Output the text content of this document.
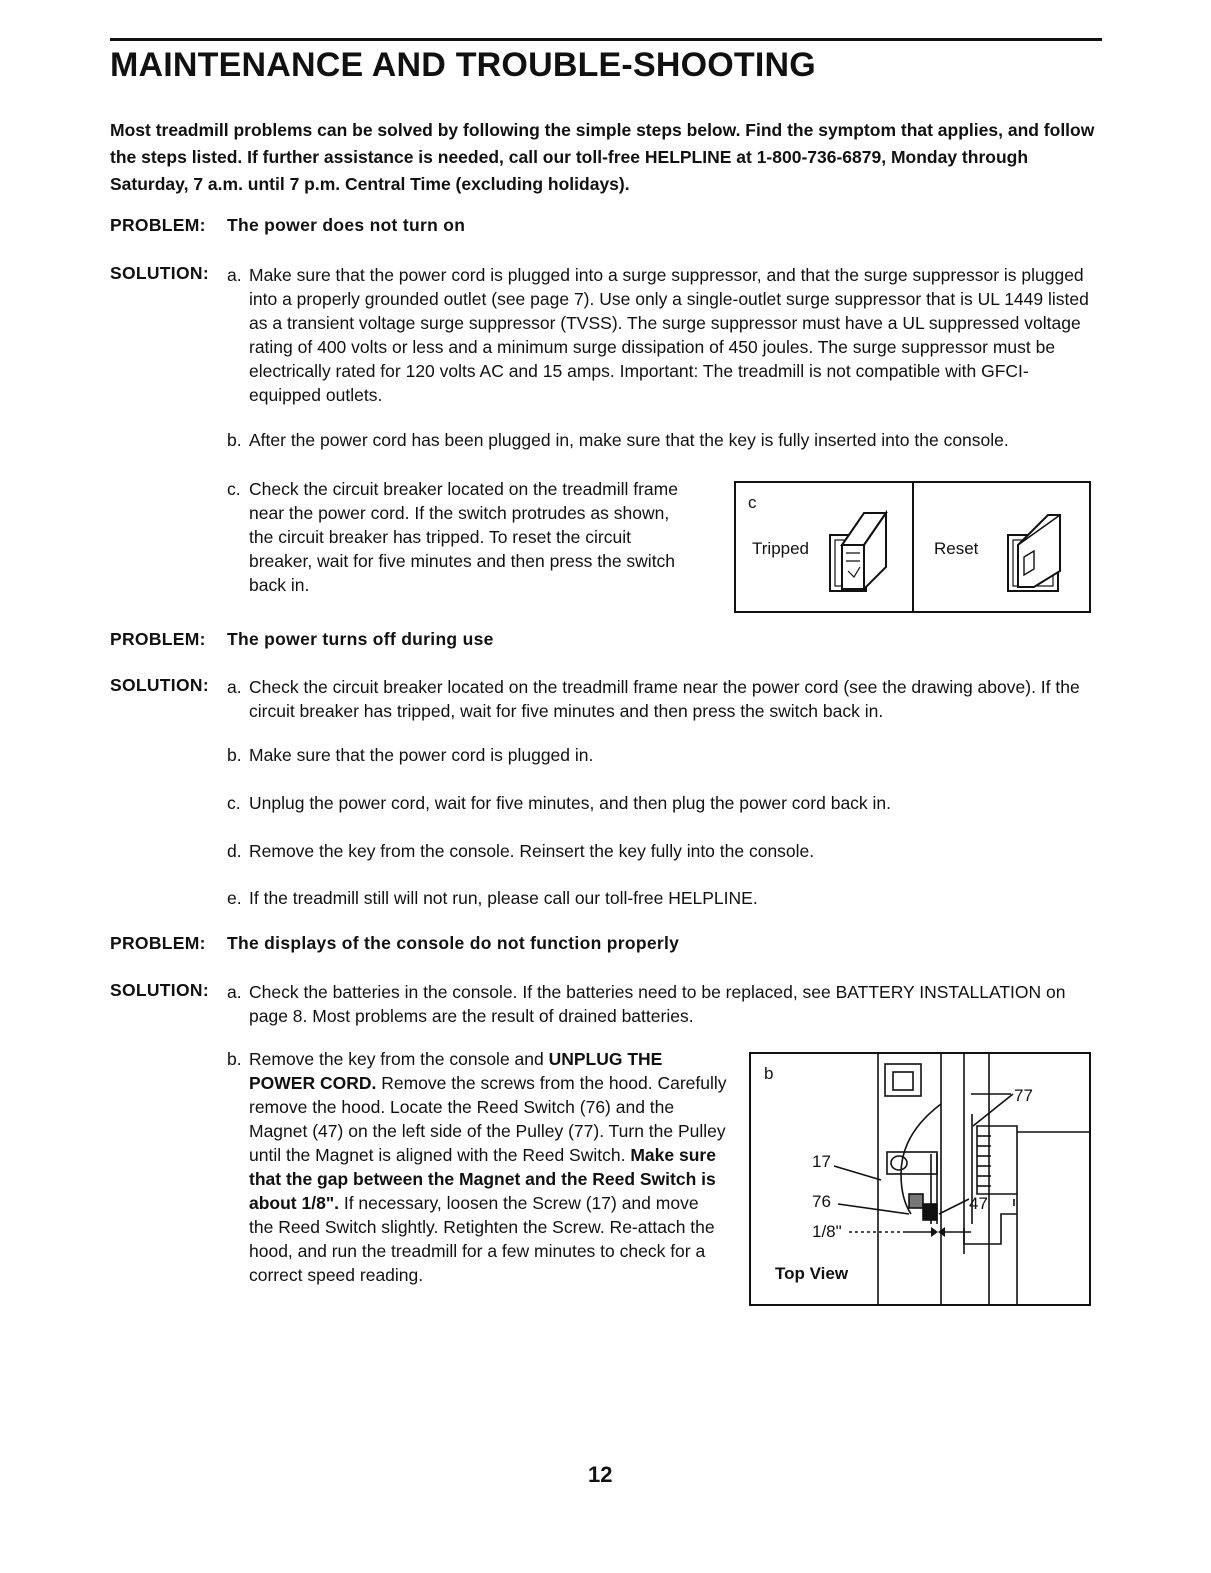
MAINTENANCE AND TROUBLE-SHOOTING
Most treadmill problems can be solved by following the simple steps below. Find the symptom that applies, and follow the steps listed. If further assistance is needed, call our toll-free HELPLINE at 1-800-736-6879, Monday through Saturday, 7 a.m. until 7 p.m. Central Time (excluding holidays).
PROBLEM: The power does not turn on
SOLUTION: a. Make sure that the power cord is plugged into a surge suppressor, and that the surge suppressor is plugged into a properly grounded outlet (see page 7). Use only a single-outlet surge suppressor that is UL 1449 listed as a transient voltage surge suppressor (TVSS). The surge suppressor must have a UL suppressed voltage rating of 400 volts or less and a minimum surge dissipation of 450 joules. The surge suppressor must be electrically rated for 120 volts AC and 15 amps. Important: The treadmill is not compatible with GFCI-equipped outlets.
b. After the power cord has been plugged in, make sure that the key is fully inserted into the console.
c. Check the circuit breaker located on the treadmill frame near the power cord. If the switch protrudes as shown, the circuit breaker has tripped. To reset the circuit breaker, wait for five minutes and then press the switch back in.
c
Tripped	Reset
PROBLEM: The power turns off during use
SOLUTION: a. Check the circuit breaker located on the treadmill frame near the power cord (see the drawing above). If the circuit breaker has tripped, wait for five minutes and then press the switch back in.
b. Make sure that the power cord is plugged in.
c. Unplug the power cord, wait for five minutes, and then plug the power cord back in.
d. Remove the key from the console. Reinsert the key fully into the console.
e. If the treadmill still will not run, please call our toll-free HELPLINE.
PROBLEM: The displays of the console do not function properly
SOLUTION: a. Check the batteries in the console. If the batteries need to be replaced, see BATTERY INSTALLATION on page 8. Most problems are the result of drained batteries.
b. Remove the key from the console and UNPLUG THE POWER CORD. Remove the screws from the hood. Carefully remove the hood. Locate the Reed Switch (76) and the Magnet (47) on the left side of the Pulley (77). Turn the Pulley until the Magnet is aligned with the Reed Switch. Make sure that the gap between the Magnet and the Reed Switch is about 1/8". If necessary, loosen the Screw (17) and move the Reed Switch slightly. Retighten the Screw. Re-attach the hood, and run the treadmill for a few minutes to check for a correct speed reading.
b
77
17
76	47
1/8"
Top View
12
